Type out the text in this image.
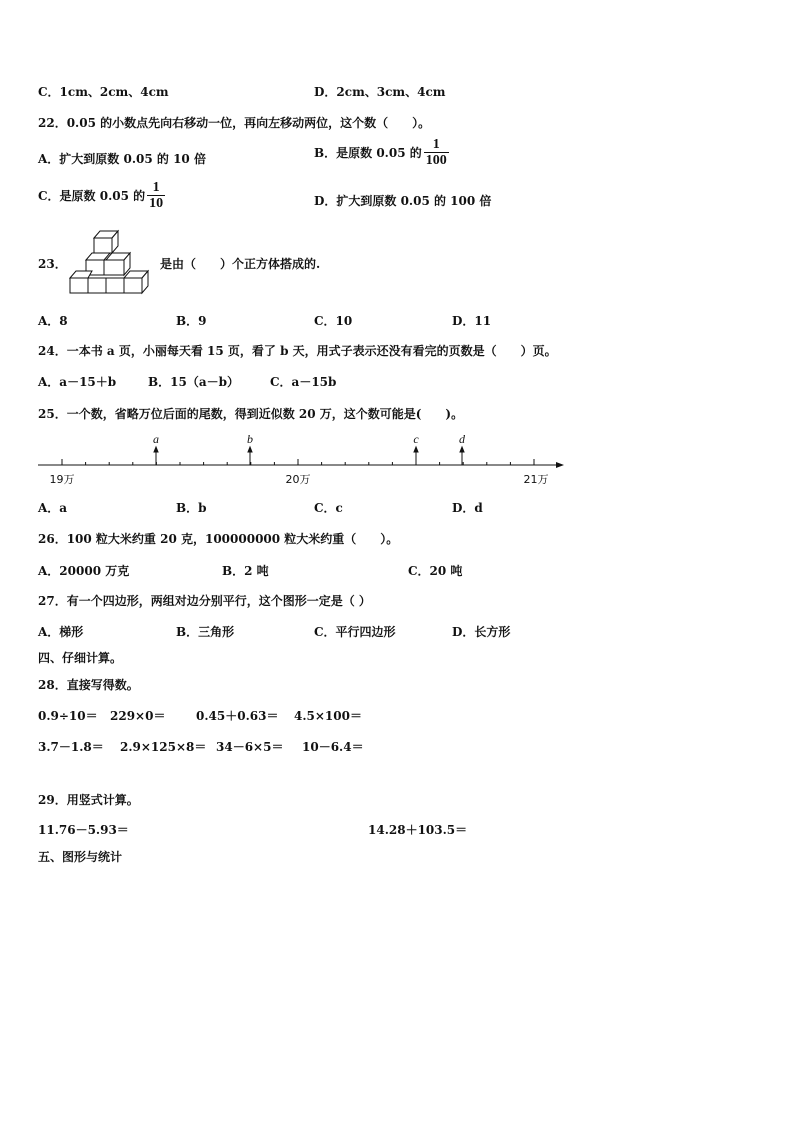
C．1cm、2cm、4cm	D．2cm、3cm、4cm
22．0.05 的小数点先向右移动一位，再向左移动两位，这个数（　　）。
A．扩大到原数 0.05 的 10 倍	B．是原数 0.05 的 $\frac{1}{100}$
C．是原数 0.05 的 $\frac{1}{10}$	D．扩大到原数 0.05 的 100 倍
23．	是由（　　）个正方体搭成的.
A．8	B．9	C．10	D．11
24．一本书 a 页，小丽每天看 15 页，看了 b 天，用式子表示还没有看完的页数是（　　）页。
A．a－15＋b	B．15（a－b）	C．a－15b
25．一个数，省略万位后面的尾数，得到近似数 20 万，这个数可能是(　　)。
a	b	c	d
19万	20万	21万
A．a	B．b	C．c	D．d
26．100 粒大米约重 20 克，100000000 粒大米约重（　　）。
A．20000 万克	B．2 吨	C．20 吨
27．有一个四边形，两组对边分别平行，这个图形一定是（ ）
A．梯形	B．三角形	C．平行四边形	D．长方形
四、仔细计算。
28．直接写得数。
0.9÷10＝ 229×0＝	0.45＋0.63＝ 4.5×100＝
3.7－1.8＝ 2.9×125×8＝ 34－6×5＝ 10－6.4＝
29．用竖式计算。
11.76－5.93＝	14.28＋103.5＝
五、图形与统计
